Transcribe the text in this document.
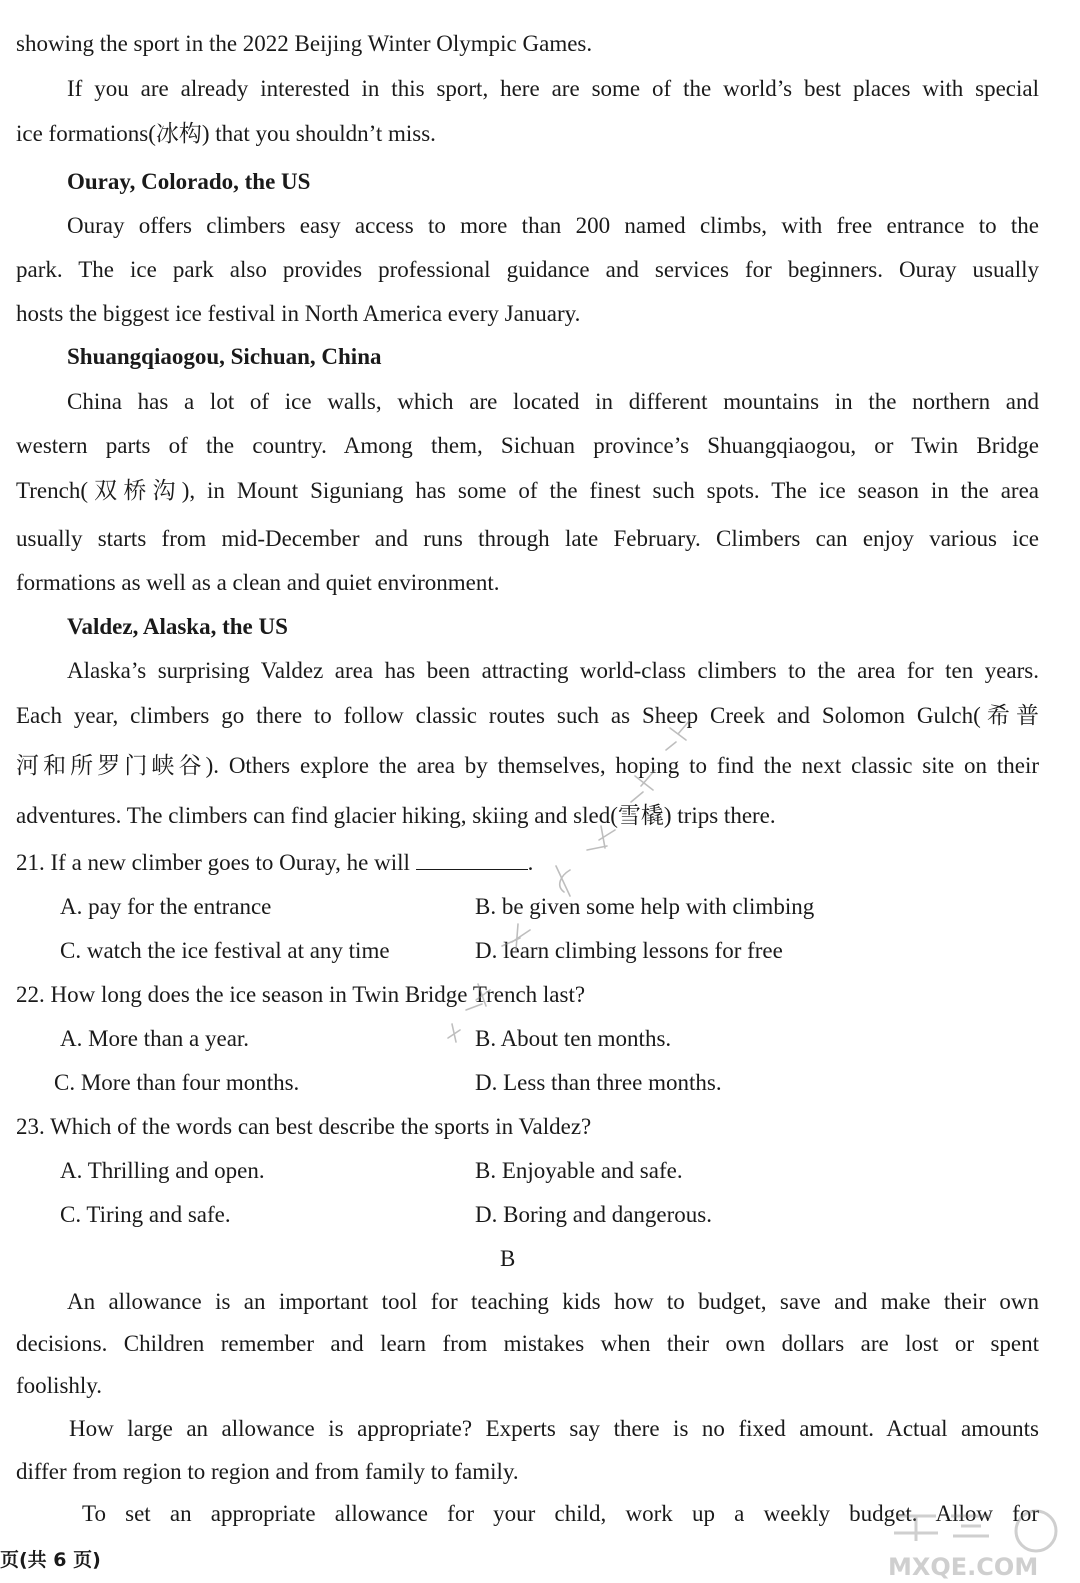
showing the sport in the 2022 Beijing Winter Olympic Games.
If you are already interested in this sport, here are some of the world’s best places with special
ice formations(冰构) that you shouldn’t miss.
Ouray, Colorado, the US
Ouray offers climbers easy access to more than 200 named climbs, with free entrance to the
park. The ice park also provides professional guidance and services for beginners. Ouray usually
hosts the biggest ice festival in North America every January.
Shuangqiaogou, Sichuan, China
China has a lot of ice walls, which are located in different mountains in the northern and
western parts of the country. Among them, Sichuan province’s Shuangqiaogou, or Twin Bridge
Trench(双桥沟), in Mount Siguniang has some of the finest such spots. The ice season in the area
usually starts from mid-December and runs through late February. Climbers can enjoy various ice
formations as well as a clean and quiet environment.
Valdez, Alaska, the US
Alaska’s surprising Valdez area has been attracting world-class climbers to the area for ten years.
Each year, climbers go there to follow classic routes such as Sheep Creek and Solomon Gulch(希普
河和所罗门峡谷). Others explore the area by themselves, hoping to find the next classic site on their
adventures. The climbers can find glacier hiking, skiing and sled(雪橇) trips there.
21. If a new climber goes to Ouray, he will	.
A. pay for the entrance	B. be given some help with climbing
C. watch the ice festival at any time	D. learn climbing lessons for free
22. How long does the ice season in Twin Bridge Trench last?
A. More than a year.	B. About ten months.
C. More than four months.	D. Less than three months.
23. Which of the words can best describe the sports in Valdez?
A. Thrilling and open.	B. Enjoyable and safe.
C. Tiring and safe.	D. Boring and dangerous.
B
An allowance is an important tool for teaching kids how to budget, save and make their own
decisions. Children remember and learn from mistakes when their own dollars are lost or spent
foolishly.
How large an allowance is appropriate? Experts say there is no fixed amount. Actual amounts
differ from region to region and from family to family.
To set an appropriate allowance for your child, work up a weekly budget. Allow for
页(共 6 页)	MXQE.COM
